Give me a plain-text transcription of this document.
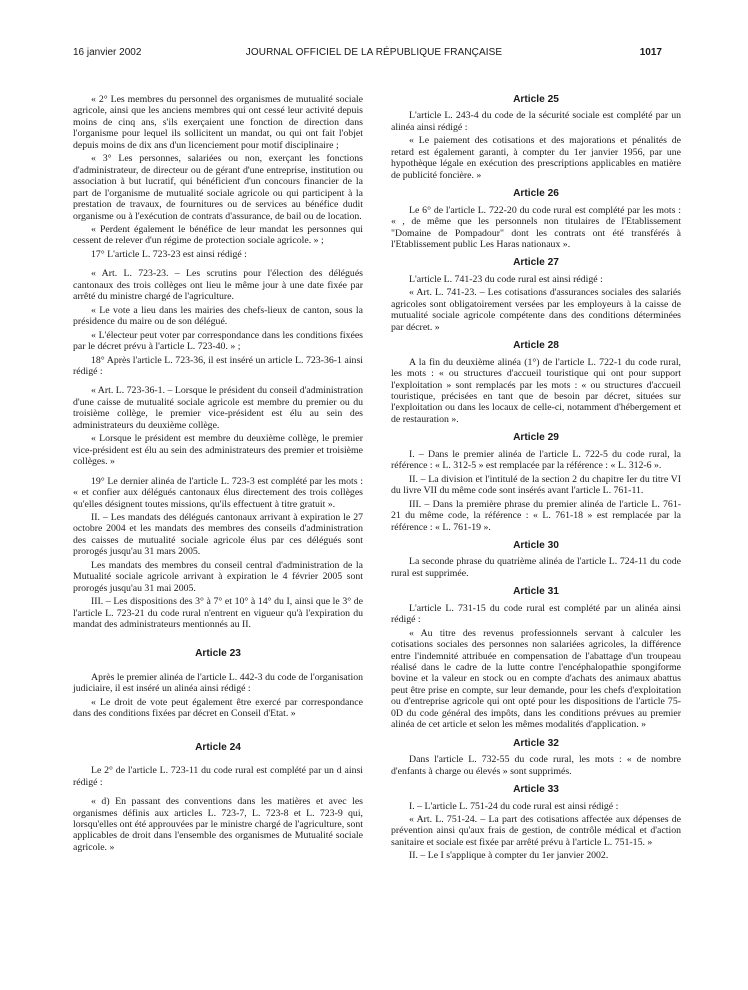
16 janvier 2002	JOURNAL OFFICIEL DE LA RÉPUBLIQUE FRANÇAISE	1017

« 2° Les membres du personnel des organismes de mutualité sociale agricole, ainsi que les anciens membres qui ont cessé leur activité depuis moins de cinq ans, s'ils exerçaient une fonction de direction dans l'organisme pour lequel ils sollicitent un mandat, ou qui ont fait l'objet depuis moins de dix ans d'un licenciement pour motif disciplinaire ;

« 3° Les personnes, salariées ou non, exerçant les fonctions d'administrateur, de directeur ou de gérant d'une entreprise, institution ou association à but lucratif, qui bénéficient d'un concours financier de la part de l'organisme de mutualité sociale agricole ou qui participent à la prestation de travaux, de fournitures ou de services au bénéfice dudit organisme ou à l'exécution de contrats d'assurance, de bail ou de location.

« Perdent également le bénéfice de leur mandat les personnes qui cessent de relever d'un régime de protection sociale agricole. » ;

17° L'article L. 723-23 est ainsi rédigé :

« Art. L. 723-23. – Les scrutins pour l'élection des délégués cantonaux des trois collèges ont lieu le même jour à une date fixée par arrêté du ministre chargé de l'agriculture.

« Le vote a lieu dans les mairies des chefs-lieux de canton, sous la présidence du maire ou de son délégué.

« L'électeur peut voter par correspondance dans les conditions fixées par le décret prévu à l'article L. 723-40. » ;

18° Après l'article L. 723-36, il est inséré un article L. 723-36-1 ainsi rédigé :

« Art. L. 723-36-1. – Lorsque le président du conseil d'administration d'une caisse de mutualité sociale agricole est membre du premier ou du troisième collège, le premier vice-président est élu au sein des administrateurs du deuxième collège.

« Lorsque le président est membre du deuxième collège, le premier vice-président est élu au sein des administrateurs des premier et troisième collèges. »

19° Le dernier alinéa de l'article L. 723-3 est complété par les mots : « et confier aux délégués cantonaux élus directement des trois collèges qu'elles désignent toutes missions, qu'ils effectuent à titre gratuit ».

II. – Les mandats des délégués cantonaux arrivant à expiration le 27 octobre 2004 et les mandats des membres des conseils d'administration des caisses de mutualité sociale agricole élus par ces délégués sont prorogés jusqu'au 31 mars 2005.

Les mandats des membres du conseil central d'administration de la Mutualité sociale agricole arrivant à expiration le 4 février 2005 sont prorogés jusqu'au 31 mai 2005.

III. – Les dispositions des 3° à 7° et 10° à 14° du I, ainsi que le 3° de l'article L. 723-21 du code rural n'entrent en vigueur qu'à l'expiration du mandat des administrateurs mentionnés au II.

Article 23

Après le premier alinéa de l'article L. 442-3 du code de l'organisation judiciaire, il est inséré un alinéa ainsi rédigé :

« Le droit de vote peut également être exercé par correspondance dans des conditions fixées par décret en Conseil d'Etat. »

Article 24

Le 2° de l'article L. 723-11 du code rural est complété par un d ainsi rédigé :

« d) En passant des conventions dans les matières et avec les organismes définis aux articles L. 723-7, L. 723-8 et L. 723-9 qui, lorsqu'elles ont été approuvées par le ministre chargé de l'agriculture, sont applicables de droit dans l'ensemble des organismes de Mutualité sociale agricole. »

Article 25

L'article L. 243-4 du code de la sécurité sociale est complété par un alinéa ainsi rédigé :

« Le paiement des cotisations et des majorations et pénalités de retard est également garanti, à compter du 1er janvier 1956, par une hypothèque légale en exécution des prescriptions applicables en matière de publicité foncière. »

Article 26

Le 6° de l'article L. 722-20 du code rural est complété par les mots : « , de même que les personnels non titulaires de l'Etablissement "Domaine de Pompadour" dont les contrats ont été transférés à l'Etablissement public Les Haras nationaux ».

Article 27

L'article L. 741-23 du code rural est ainsi rédigé :

« Art. L. 741-23. – Les cotisations d'assurances sociales des salariés agricoles sont obligatoirement versées par les employeurs à la caisse de mutualité sociale agricole compétente dans des conditions déterminées par décret. »

Article 28

A la fin du deuxième alinéa (1°) de l'article L. 722-1 du code rural, les mots : « ou structures d'accueil touristique qui ont pour support l'exploitation » sont remplacés par les mots : « ou structures d'accueil touristique, précisées en tant que de besoin par décret, situées sur l'exploitation ou dans les locaux de celle-ci, notamment d'hébergement et de restauration ».

Article 29

I. – Dans le premier alinéa de l'article L. 722-5 du code rural, la référence : « L. 312-5 » est remplacée par la référence : « L. 312-6 ».

II. – La division et l'intitulé de la section 2 du chapitre Ier du titre VI du livre VII du même code sont insérés avant l'article L. 761-11.

III. – Dans la première phrase du premier alinéa de l'article L. 761-21 du même code, la référence : « L. 761-18 » est remplacée par la référence : « L. 761-19 ».

Article 30

La seconde phrase du quatrième alinéa de l'article L. 724-11 du code rural est supprimée.

Article 31

L'article L. 731-15 du code rural est complété par un alinéa ainsi rédigé :

« Au titre des revenus professionnels servant à calculer les cotisations sociales des personnes non salariées agricoles, la différence entre l'indemnité attribuée en compensation de l'abattage d'un troupeau réalisé dans le cadre de la lutte contre l'encéphalopathie spongiforme bovine et la valeur en stock ou en compte d'achats des animaux abattus peut être prise en compte, sur leur demande, pour les chefs d'exploitation ou d'entreprise agricole qui ont opté pour les dispositions de l'article 75-0D du code général des impôts, dans les conditions prévues au premier alinéa de cet article et selon les mêmes modalités d'application. »

Article 32

Dans l'article L. 732-55 du code rural, les mots : « de nombre d'enfants à charge ou élevés » sont supprimés.

Article 33

I. – L'article L. 751-24 du code rural est ainsi rédigé :

« Art. L. 751-24. – La part des cotisations affectée aux dépenses de prévention ainsi qu'aux frais de gestion, de contrôle médical et d'action sanitaire et sociale est fixée par arrêté prévu à l'article L. 751-15. »

II. – Le I s'applique à compter du 1er janvier 2002.
